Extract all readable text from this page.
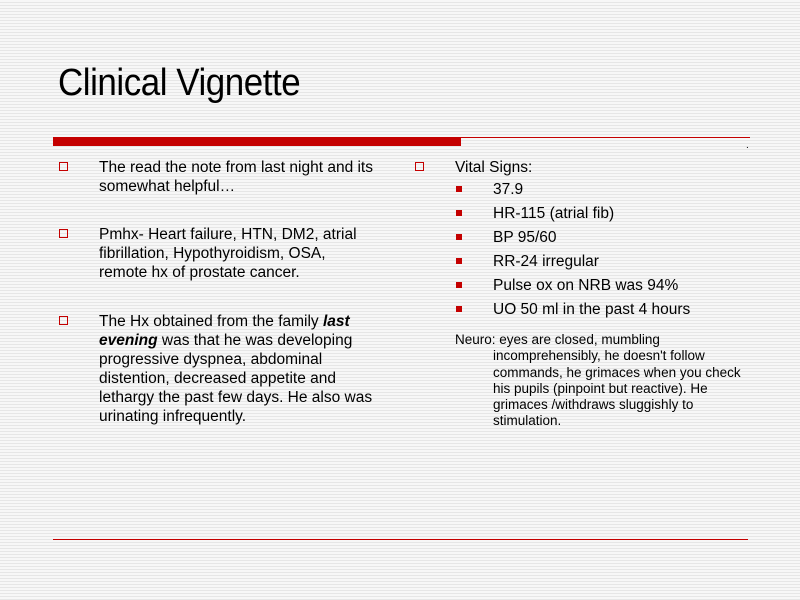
Clinical Vignette
.
The read the note from last night and its somewhat helpful…
Pmhx- Heart failure, HTN, DM2, atrial fibrillation, Hypothyroidism, OSA, remote hx of prostate cancer.
The Hx obtained from the family last evening was that he was developing progressive dyspnea, abdominal distention, decreased appetite and lethargy the past few days. He also was urinating infrequently.
Vital Signs:
37.9
HR-115 (atrial fib)
BP 95/60
RR-24 irregular
Pulse ox on NRB was 94%
UO 50 ml in the past 4 hours
Neuro: eyes are closed, mumbling incomprehensibly, he doesn't follow commands, he grimaces when you check his pupils (pinpoint but reactive). He grimaces /withdraws sluggishly to stimulation.
